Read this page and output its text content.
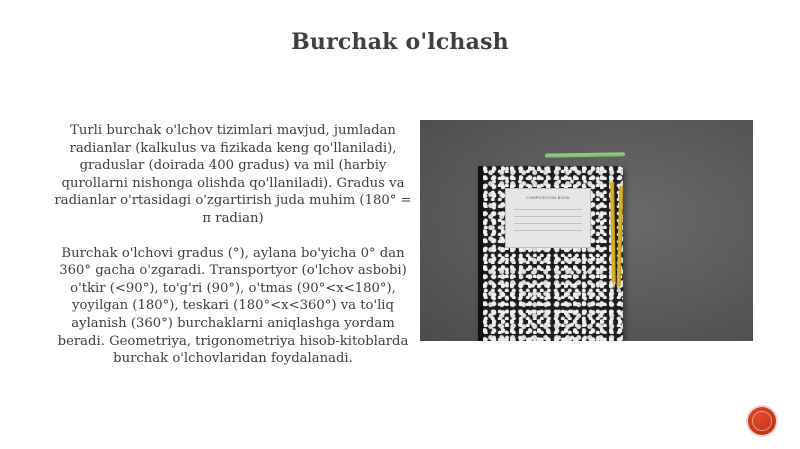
Burchak o'lchash

Turli burchak o'lchov tizimlari mavjud, jumladan radianlar (kalkulus va fizikada keng qo'llaniladi), graduslar (doirada 400 gradus) va mil (harbiy qurollarni nishonga olishda qo'llaniladi). Gradus va radianlar o'rtasidagi o'zgartirish juda muhim (180° = π radian)

Burchak o'lchovi gradus (°), aylana bo'yicha 0° dan 360° gacha o'zgaradi. Transportyor (o'lchov asbobi) o'tkir (<90°), to'g'ri (90°), o'tmas (90°<x<180°), yoyilgan (180°), teskari (180°<x<360°) va to'liq aylanish (360°) burchaklarni aniqlashga yordam beradi. Geometriya, trigonometriya hisob-kitoblarda burchak o'lchovlaridan foydalanadi.

COMPOSITION BOOK
